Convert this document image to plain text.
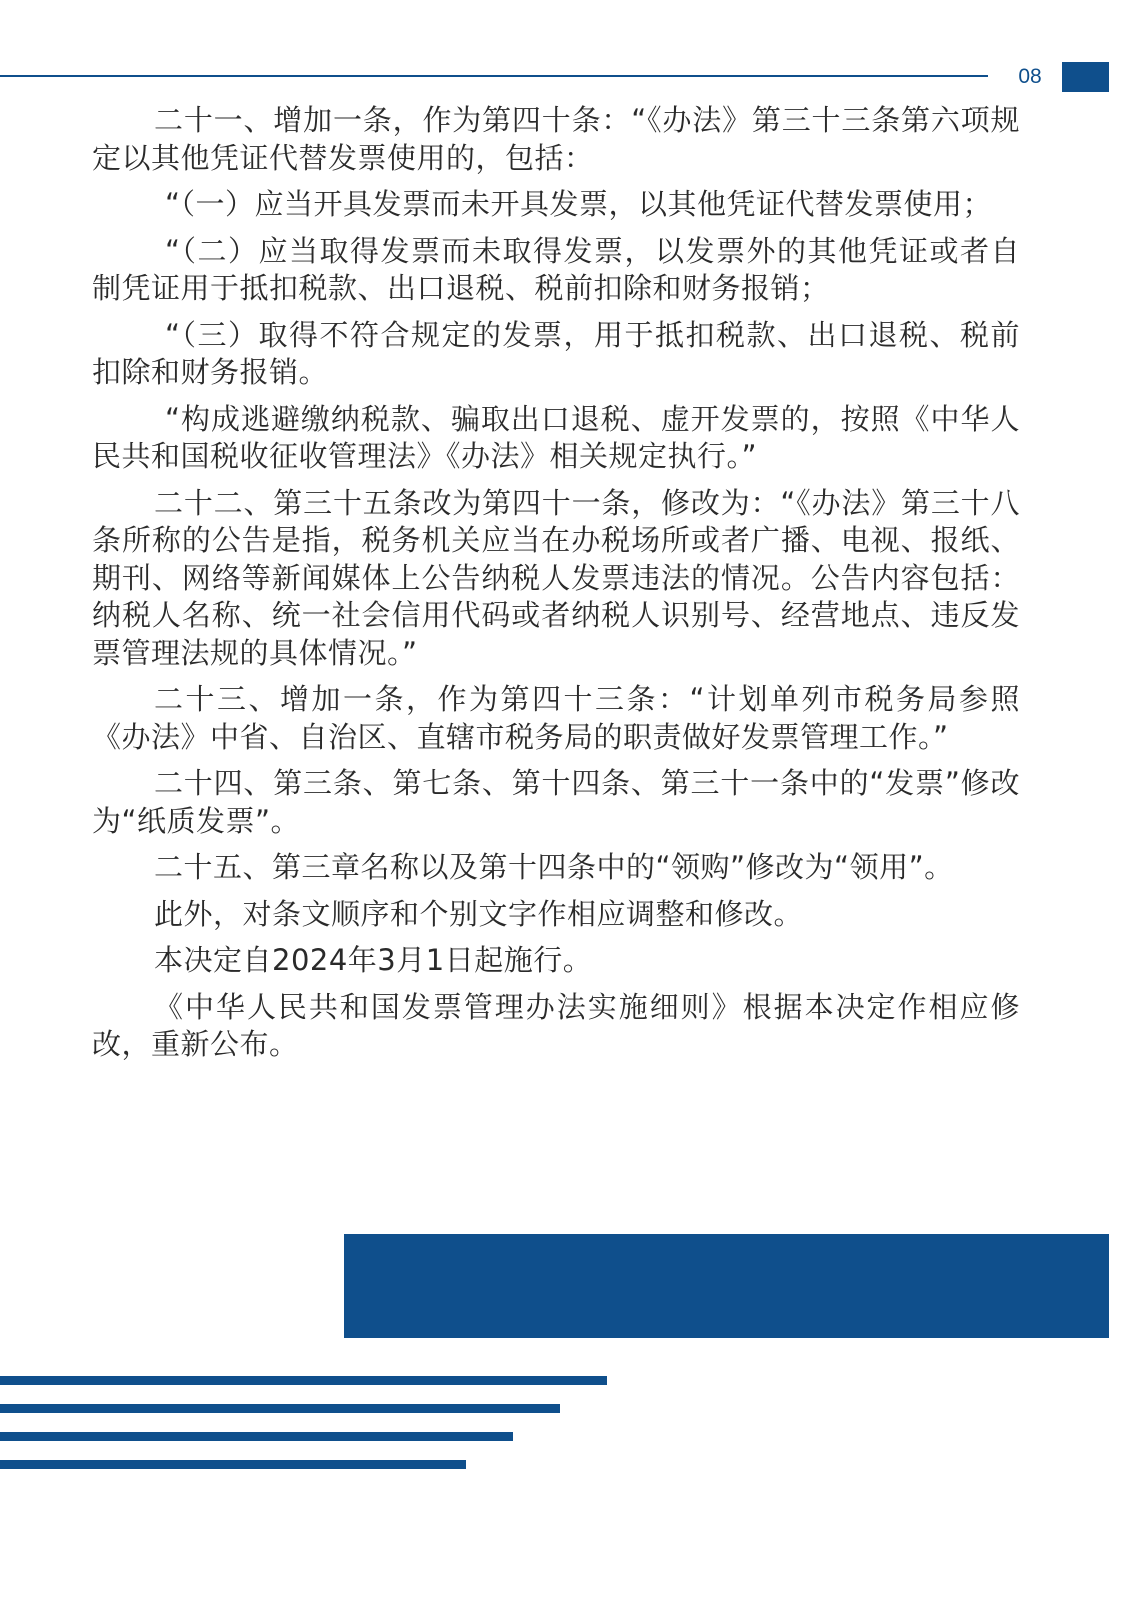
08

二十一、增加一条，作为第四十条：“《办法》第三十三条第六项规定以其他凭证代替发票使用的，包括：

“（一）应当开具发票而未开具发票，以其他凭证代替发票使用；

“（二）应当取得发票而未取得发票，以发票外的其他凭证或者自制凭证用于抵扣税款、出口退税、税前扣除和财务报销；

“（三）取得不符合规定的发票，用于抵扣税款、出口退税、税前扣除和财务报销。

“构成逃避缴纳税款、骗取出口退税、虚开发票的，按照《中华人民共和国税收征收管理法》《办法》相关规定执行。”

二十二、第三十五条改为第四十一条，修改为：“《办法》第三十八条所称的公告是指，税务机关应当在办税场所或者广播、电视、报纸、期刊、网络等新闻媒体上公告纳税人发票违法的情况。公告内容包括：纳税人名称、统一社会信用代码或者纳税人识别号、经营地点、违反发票管理法规的具体情况。”

二十三、增加一条，作为第四十三条：“计划单列市税务局参照《办法》中省、自治区、直辖市税务局的职责做好发票管理工作。”

二十四、第三条、第七条、第十四条、第三十一条中的“发票”修改为“纸质发票”。

二十五、第三章名称以及第十四条中的“领购”修改为“领用”。

此外，对条文顺序和个别文字作相应调整和修改。

本决定自2024年3月1日起施行。

《中华人民共和国发票管理办法实施细则》根据本决定作相应修改，重新公布。
